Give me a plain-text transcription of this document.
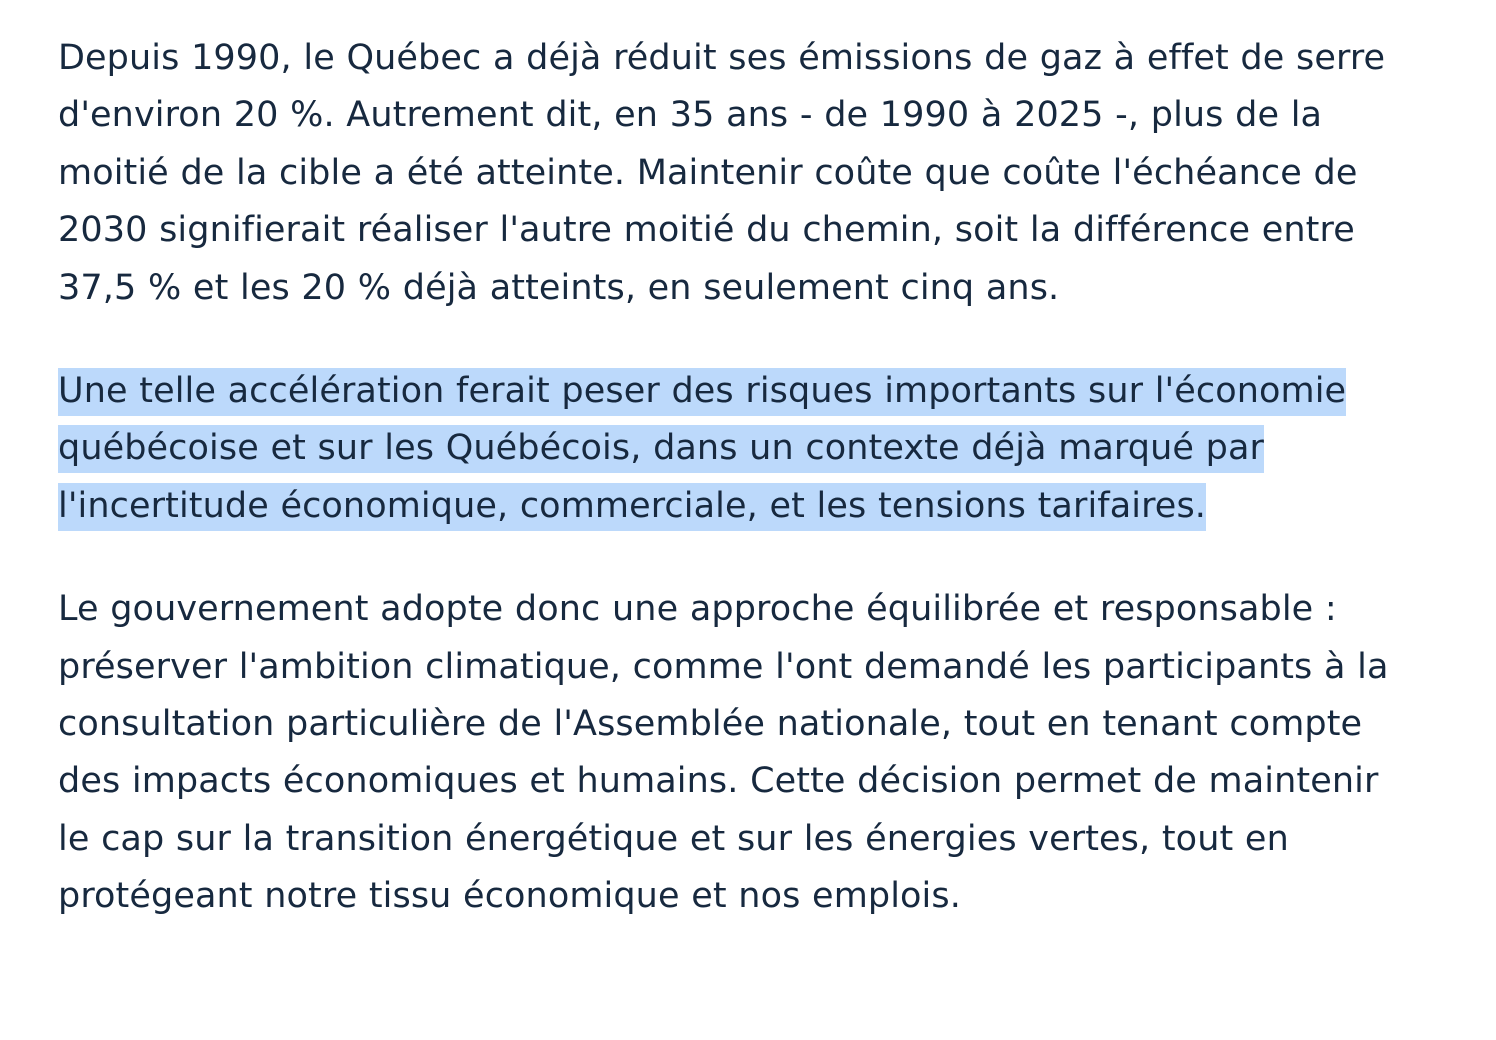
Depuis 1990, le Québec a déjà réduit ses émissions de gaz à effet de serre d'environ 20 %. Autrement dit, en 35 ans - de 1990 à 2025 -, plus de la moitié de la cible a été atteinte. Maintenir coûte que coûte l'échéance de 2030 signifierait réaliser l'autre moitié du chemin, soit la différence entre 37,5 % et les 20 % déjà atteints, en seulement cinq ans.

Une telle accélération ferait peser des risques importants sur l'économie québécoise et sur les Québécois, dans un contexte déjà marqué par l'incertitude économique, commerciale, et les tensions tarifaires.

Le gouvernement adopte donc une approche équilibrée et responsable : préserver l'ambition climatique, comme l'ont demandé les participants à la consultation particulière de l'Assemblée nationale, tout en tenant compte des impacts économiques et humains. Cette décision permet de maintenir le cap sur la transition énergétique et sur les énergies vertes, tout en protégeant notre tissu économique et nos emplois.
